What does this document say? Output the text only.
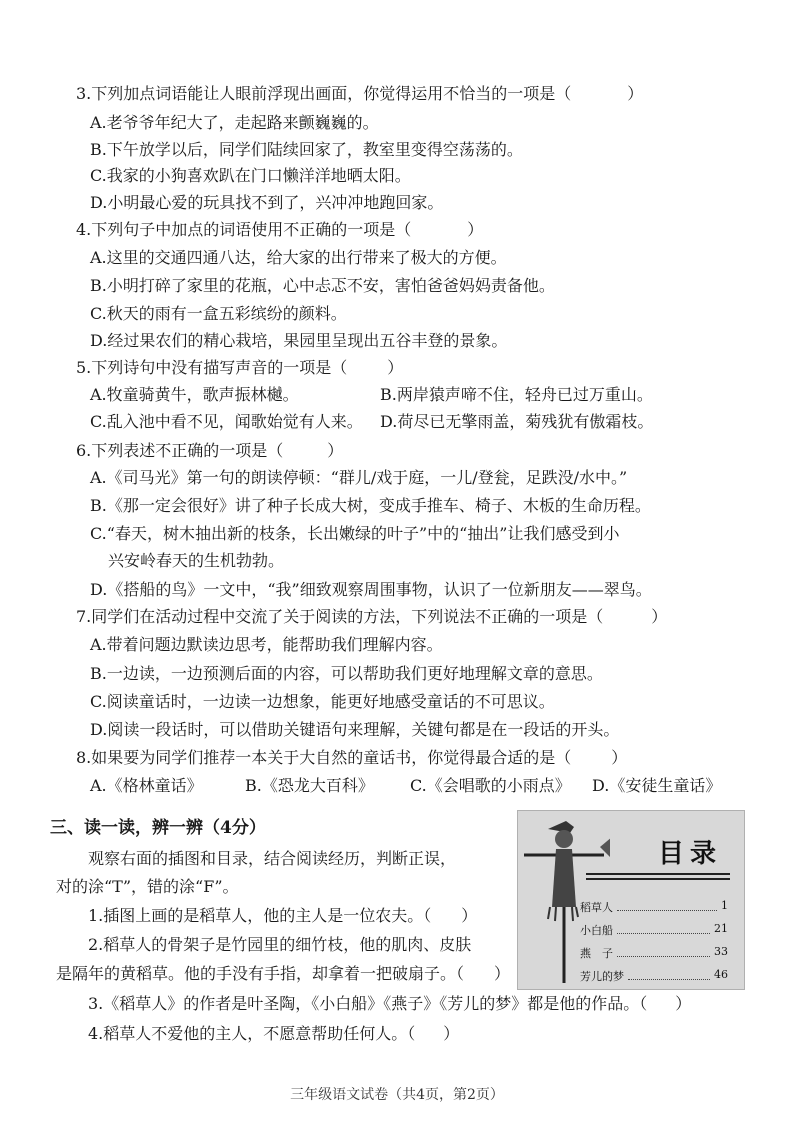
3.下列加点词语能让人眼前浮现出画面，你觉得运用不恰当的一项是（	）
A.老爷爷年纪大了，走起路来颤巍巍的。
B.下午放学以后，同学们陆续回家了，教室里变得空荡荡的。
C.我家的小狗喜欢趴在门口懒洋洋地晒太阳。
D.小明最心爱的玩具找不到了，兴冲冲地跑回家。
4.下列句子中加点的词语使用不正确的一项是（	）
A.这里的交通四通八达，给大家的出行带来了极大的方便。
B.小明打碎了家里的花瓶，心中忐忑不安，害怕爸爸妈妈责备他。
C.秋天的雨有一盒五彩缤纷的颜料。
D.经过果农们的精心栽培，果园里呈现出五谷丰登的景象。
5.下列诗句中没有描写声音的一项是（	）
A.牧童骑黄牛，歌声振林樾。	B.两岸猿声啼不住，轻舟已过万重山。
C.乱入池中看不见，闻歌始觉有人来。 D.荷尽已无擎雨盖，菊残犹有傲霜枝。
6.下列表述不正确的一项是（	）
A.《司马光》第一句的朗读停顿：“群儿/戏于庭，一儿/登瓮，足跌没/水中。”
B.《那一定会很好》讲了种子长成大树，变成手推车、椅子、木板的生命历程。
C.“春天，树木抽出新的枝条，长出嫩绿的叶子”中的“抽出”让我们感受到小
兴安岭春天的生机勃勃。
D.《搭船的鸟》一文中，“我”细致观察周围事物，认识了一位新朋友——翠鸟。
7.同学们在活动过程中交流了关于阅读的方法，下列说法不正确的一项是（	）
A.带着问题边默读边思考，能帮助我们理解内容。
B.一边读，一边预测后面的内容，可以帮助我们更好地理解文章的意思。
C.阅读童话时，一边读一边想象，能更好地感受童话的不可思议。
D.阅读一段话时，可以借助关键语句来理解，关键句都是在一段话的开头。
8.如果要为同学们推荐一本关于大自然的童话书，你觉得最合适的是（	）
A.《格林童话》	B.《恐龙大百科》 C.《会唱歌的小雨点》 D.《安徒生童话》
三、读一读，辨一辨（4分）
观察右面的插图和目录，结合阅读经历，判断正误，
对的涂“T”，错的涂“F”。
1.插图上画的是稻草人，他的主人是一位农夫。（ ）
2.稻草人的骨架子是竹园里的细竹枝，他的肌肉、皮肤
是隔年的黄稻草。他的手没有手指，却拿着一把破扇子。（ ）
3.《稻草人》的作者是叶圣陶，《小白船》《燕子》《芳儿的梦》都是他的作品。（ ）
4.稻草人不爱他的主人，不愿意帮助任何人。（ ）
目录
稻草人	1
小白船	21
燕　子	33
芳儿的梦	46
三年级语文试卷（共4页，第2页）
